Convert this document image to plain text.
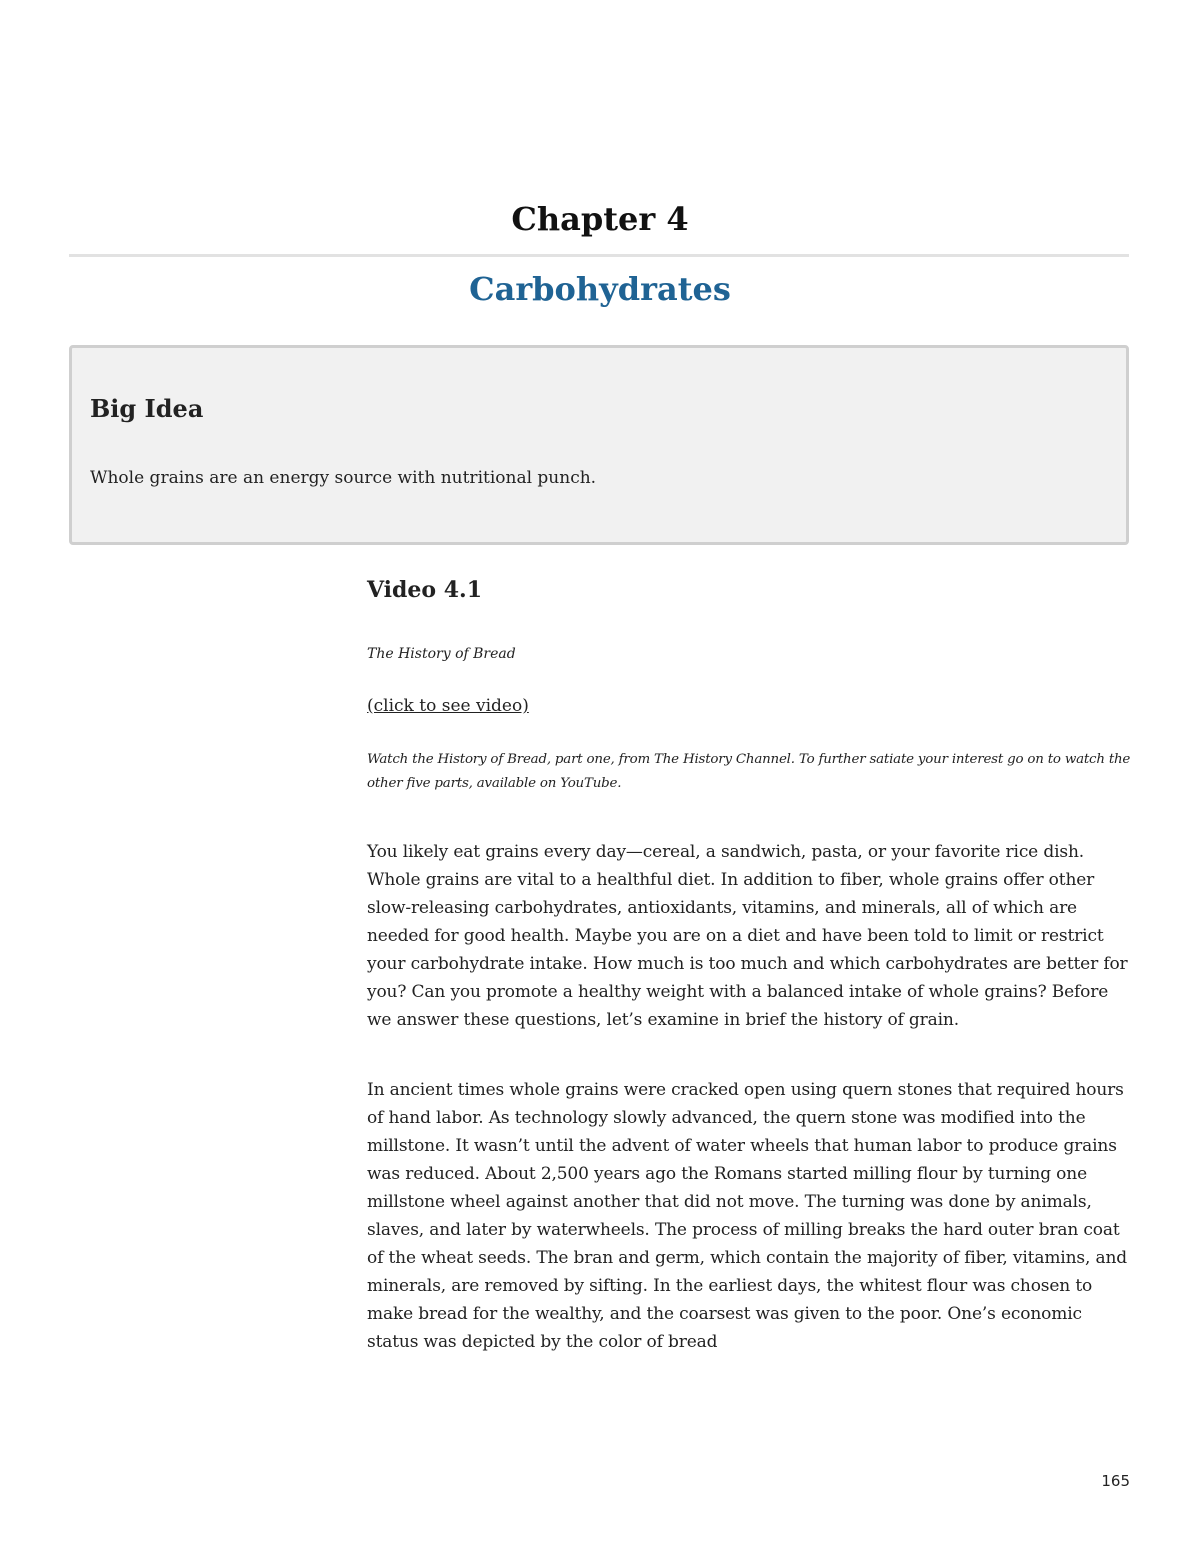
Chapter 4
Carbohydrates
Big Idea

Whole grains are an energy source with nutritional punch.

Video 4.1

The History of Bread

(click to see video)

Watch the History of Bread, part one, from The History Channel. To further satiate your interest go on to watch the other five parts, available on YouTube.

You likely eat grains every day—cereal, a sandwich, pasta, or your favorite rice dish. Whole grains are vital to a healthful diet. In addition to fiber, whole grains offer other slow-releasing carbohydrates, antioxidants, vitamins, and minerals, all of which are needed for good health. Maybe you are on a diet and have been told to limit or restrict your carbohydrate intake. How much is too much and which carbohydrates are better for you? Can you promote a healthy weight with a balanced intake of whole grains? Before we answer these questions, let’s examine in brief the history of grain.

In ancient times whole grains were cracked open using quern stones that required hours of hand labor. As technology slowly advanced, the quern stone was modified into the millstone. It wasn’t until the advent of water wheels that human labor to produce grains was reduced. About 2,500 years ago the Romans started milling flour by turning one millstone wheel against another that did not move. The turning was done by animals, slaves, and later by waterwheels. The process of milling breaks the hard outer bran coat of the wheat seeds. The bran and germ, which contain the majority of fiber, vitamins, and minerals, are removed by sifting. In the earliest days, the whitest flour was chosen to make bread for the wealthy, and the coarsest was given to the poor. One’s economic status was depicted by the color of bread

165
